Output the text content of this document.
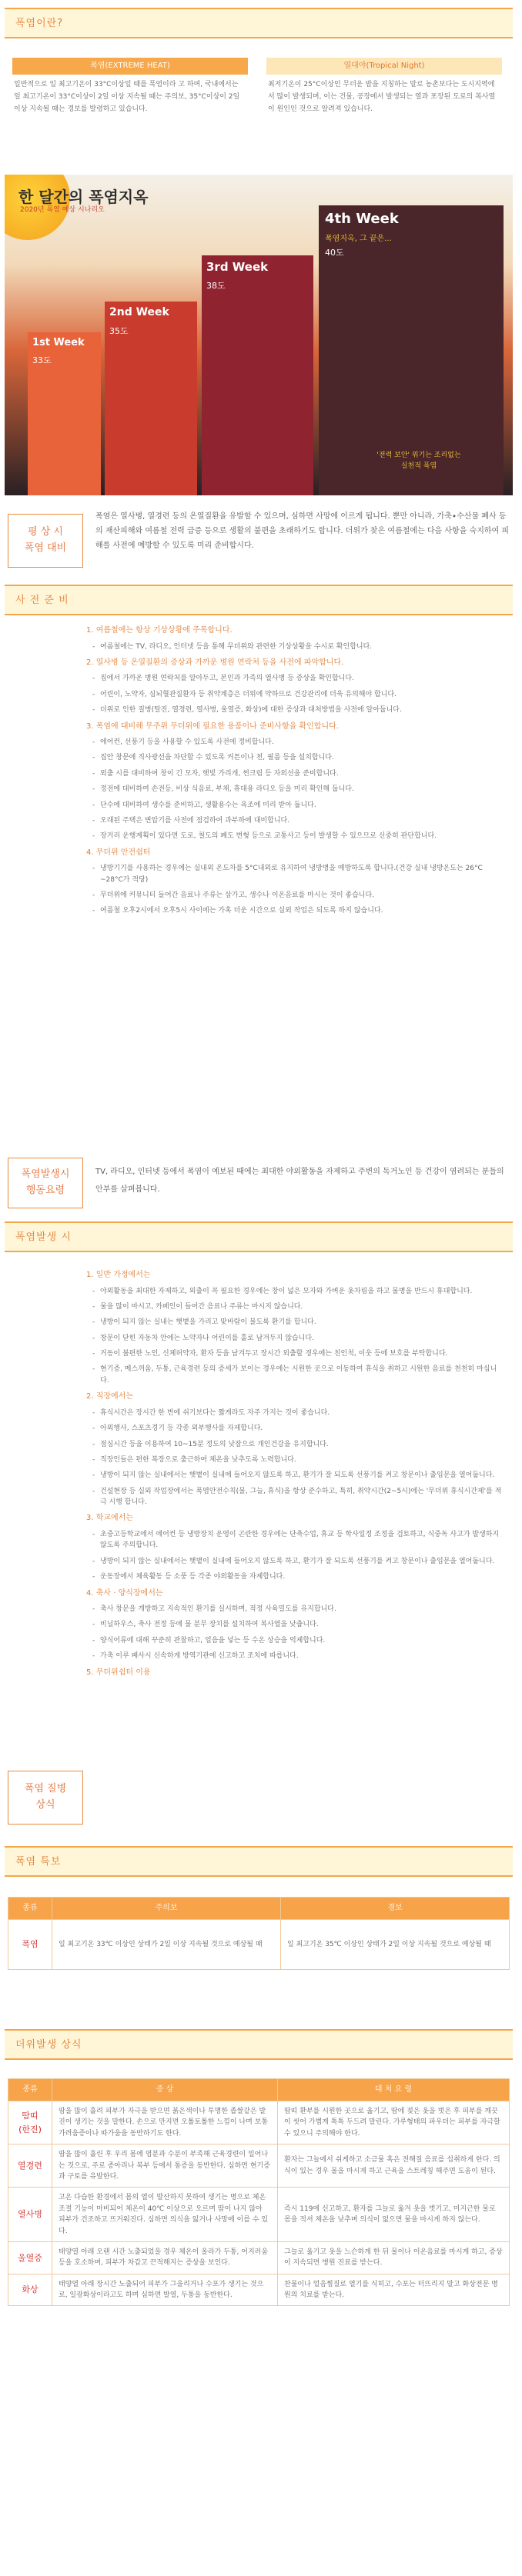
폭염이란?
폭염(EXTREME HEAT)
일반적으로 일 최고기온이 33°C이상일 때를 폭염이라 고 하며, 국내에서는 일 최고기온이 33°C이상이 2일 이상 지속될 때는 주의보, 35°C이상이 2일 이상 지속될 때는 경보를 발령하고 있습니다.
열대야(Tropical Night)
최저기온이 25°C이상인 무더운 밤을 지칭하는 말로 농촌보다는 도시지역에서 많이 발생되며, 이는 건물, 공장에서 발생되는 열과 포장된 도로의 복사열이 원인인 것으로 알려져 있습니다.
한 달간의 폭염지옥
2020년 폭염 예상 시나리오
1st Week
33도
2nd Week
35도
3rd Week
38도
4th Week
폭염지옥, 그 끝은...
40도
'전력 보안' 위기는 조리없는 실천적 폭염
평 상 시
폭염 대비
폭염은 열사병, 열경련 등의 온열질환을 유발할 수 있으며, 심하면 사망에 이르게 됩니다. 뿐만 아니라, 가축∙수산물 폐사 등의 재산피해와 여름철 전력 급증 등으로 생활의 불편을 초래하기도 합니다. 더위가 찾은 여름철에는 다음 사항을 숙지하여 피해를 사전에 예방할 수 있도록 미리 준비합시다.
사 전 준 비
1. 여름철에는 항상 기상상황에 주목합니다.
- 여름철에는 TV, 라디오, 인터넷 등을 통해 무더위와 관련한 기상상황을 수시로 확인합니다.
2. 열사병 등 온열질환의 증상과 가까운 병원 연락처 등을 사전에 파악합니다.
- 집에서 가까운 병원 연락처를 알아두고, 본인과 가족의 열사병 등 증상을 확인합니다.
- 어린이, 노약자, 심뇌혈관질환자 등 취약계층은 더위에 약하므로 건강관리에 더욱 유의해야 합니다.
- 더위로 인한 질병(탈진, 열경련, 열사병, 울열증, 화상)에 대한 증상과 대처방법을 사전에 알아둡니다.
3. 폭염에 대비해 무주위 무더위에 필요한 용품이나 준비사항을 확인합니다.
- 에어컨, 선풍기 등을 사용할 수 있도록 사전에 정비합니다.
- 집안 창문에 직사광선을 차단할 수 있도록 커튼이나 천, 필름 등을 설치합니다.
- 외출 시를 대비하여 창이 긴 모자, 햇빛 가리개, 썬크림 등 자외선을 준비합니다.
- 정전에 대비하여 손전등, 비상 식음료, 부채, 휴대용 라디오 등을 미리 확인해 둡니다.
- 단수에 대비하여 생수를 준비하고, 생활용수는 욕조에 미리 받아 둡니다.
- 오래된 주택은 변압기를 사전에 점검하여 과부하에 대비합니다.
- 장거리 운행계획이 있다면 도로, 철도의 폐도 변형 등으로 교통사고 등이 발생할 수 있으므로 신중히 판단합니다.
4. 무더위 안전쉼터
- 냉방기기를 사용하는 경우에는 실내외 온도차를 5°C내외로 유지하여 냉방병을 예방하도록 합니다.(건강 실내 냉방온도는 26°C ~28°C가 적당)
- 무더위에 커뮤니티 들어간 음료나 주류는 삼가고, 생수나 이온음료를 마시는 것이 좋습니다.
- 여름철 오후2시에서 오후5시 사이에는 가혹 더운 시간으로 실외 작업은 되도록 하지 않습니다.
폭염발생시
행동요령
TV, 라디오, 인터넷 등에서 폭염이 예보된 때에는 최대한 야외활동을 자제하고 주변의 독거노인 등 건강이 염려되는 분들의 안부를 살펴봅니다.
폭염발생 시
1. 일반 가정에서는
- 야외활동을 최대한 자제하고, 외출이 꼭 필요한 경우에는 창이 넓은 모자와 가벼운 옷차림을 하고 물병을 반드시 휴대합니다.
- 물을 많이 마시고, 카페인이 들어간 음료나 주류는 마시지 않습니다.
- 냉방이 되지 않는 실내는 햇볕을 가리고 맞바람이 불도록 환기를 합니다.
- 창문이 닫힌 자동차 안에는 노약자나 어린이를 홀로 남겨두지 않습니다.
- 거동이 불편한 노인, 신체허약자, 환자 등을 남겨두고 장시간 외출할 경우에는 친인척, 이웃 등에 보호를 부탁합니다.
- 현기증, 메스꺼움, 두통, 근육경련 등의 증세가 보이는 경우에는 시원한 곳으로 이동하여 휴식을 취하고 시원한 음료를 천천히 마십니다.
2. 직장에서는
- 휴식시간은 장시간 한 번에 쉬기보다는 짧게라도 자주 가지는 것이 좋습니다.
- 아외행사, 스포츠경기 등 각종 외부행사를 자제합니다.
- 점심시간 등을 이용하여 10~15분 정도의 낮잠으로 개인건강을 유지합니다.
- 직장인들은 편한 복장으로 출근하여 체온을 낮추도록 노력합니다.
- 냉방이 되지 않는 실내에서는 햇볕이 실내에 들어오지 않도록 하고, 환기가 잘 되도록 선풍기를 켜고 창문이나 출입문을 열어둡니다.
- 건설현장 등 실외 작업장에서는 폭염안전수칙(물, 그늘, 휴식)을 항상 준수하고, 특히, 취약시간(2~5시)에는 '무더위 휴식시간제'를 적극 시행 합니다.
3. 학교에서는
- 초중고등학교에서 에어컨 등 냉방장치 운영이 곤란한 경우에는 단축수업, 휴교 등 학사일정 조정을 검토하고, 식중독 사고가 발생하지 않도록 주의합니다.
- 냉방이 되지 않는 실내에서는 햇볕이 실내에 들어오지 않도록 하고, 환기가 잘 되도록 선풍기를 켜고 창문이나 출입문을 열어둡니다.
- 운동장에서 체육활동 등 소풍 등 각종 야외활동을 자제합니다.
4. 축사 · 양식장에서는
- 축사 창문을 개방하고 지속적인 환기를 실시하며, 적정 사육밀도를 유지합니다.
- 비닐하우스, 축사 전정 등에 물 분무 장치를 설치하여 복사열을 낮춥니다.
- 양식어류에 대해 꾸준히 관찰하고, 얼음을 넣는 등 수온 상승을 억제합니다.
- 가축 이루 패사시 신속하게 방역기관에 신고하고 조치에 따릅니다.
5. 무더위쉼터 이용
폭염 질병
상식
폭염 특보
종류	주의보	경보
폭염	일 최고기온 33℃ 이상인 상태가 2일 이상 지속될 것으로 예상될 때	일 최고기온 35℃ 이상인 상태가 2일 이상 지속될 것으로 예상될 때
더위발생 상식
종류	증 상	대 처 요 령
땀띠
(한진)	땀을 많이 흘려 피부가 자극을 받으면 붉은색이나 투명한 좁쌀같은 발진이 생기는 것을 말한다. 손으로 만지면 오톨토톨한 느낌이 나며 보통 가려움증이나 따가움을 동반하기도 한다.	땀띠 환부를 시원한 곳으로 옮기고, 땀에 젖은 옷을 벗은 후 피부를 깨끗이 씻어 가볍게 톡톡 두드려 말린다. 가루형태의 파우더는 피부를 자극할 수 있으니 주의해야 한다.
열경련	땀을 많이 흘린 후 우리 몸에 염분과 수분이 부족해 근육경련이 일어나는 것으로, 주로 종아리나 복부 등에서 통증을 동반한다. 심하면 현기증과 구토를 유발한다.	환자는 그늘에서 쉬게하고 소금물 혹은 전해질 음료를 섭취하게 한다. 의식이 있는 경우 물을 마시게 하고 근육을 스트레칭 해주면 도움이 된다.
열사병	고온 다습한 환경에서 몸의 열이 발산하지 못하여 생기는 병으로 체온 조절 기능이 마비되어 체온이 40℃ 이상으로 오르며 땀이 나지 않아 피부가 건조하고 뜨거워진다. 심하면 의식을 잃거나 사망에 이를 수 있다.	즉시 119에 신고하고, 환자를 그늘로 옮겨 옷을 벗기고, 미지근한 물로 몸을 적셔 체온을 낮추며 의식이 없으면 물을 마시게 하지 않는다.
울열증	태양열 아래 오랜 시간 노출되었을 경우 체온이 올라가 두통, 어지러움 등을 호소하며, 피부가 차갑고 끈적해지는 증상을 보인다.	그늘로 옮기고 옷을 느슨하게 한 뒤 물이나 이온음료를 마시게 하고, 증상이 지속되면 병원 진료를 받는다.
화상	태양열 아래 장시간 노출되어 피부가 그을리거나 수포가 생기는 것으로, 일광화상이라고도 하며 심하면 발열, 두통을 동반한다.	찬물이나 얼음찜질로 열기를 식히고, 수포는 터뜨리지 말고 화상전문 병원의 치료를 받는다.
